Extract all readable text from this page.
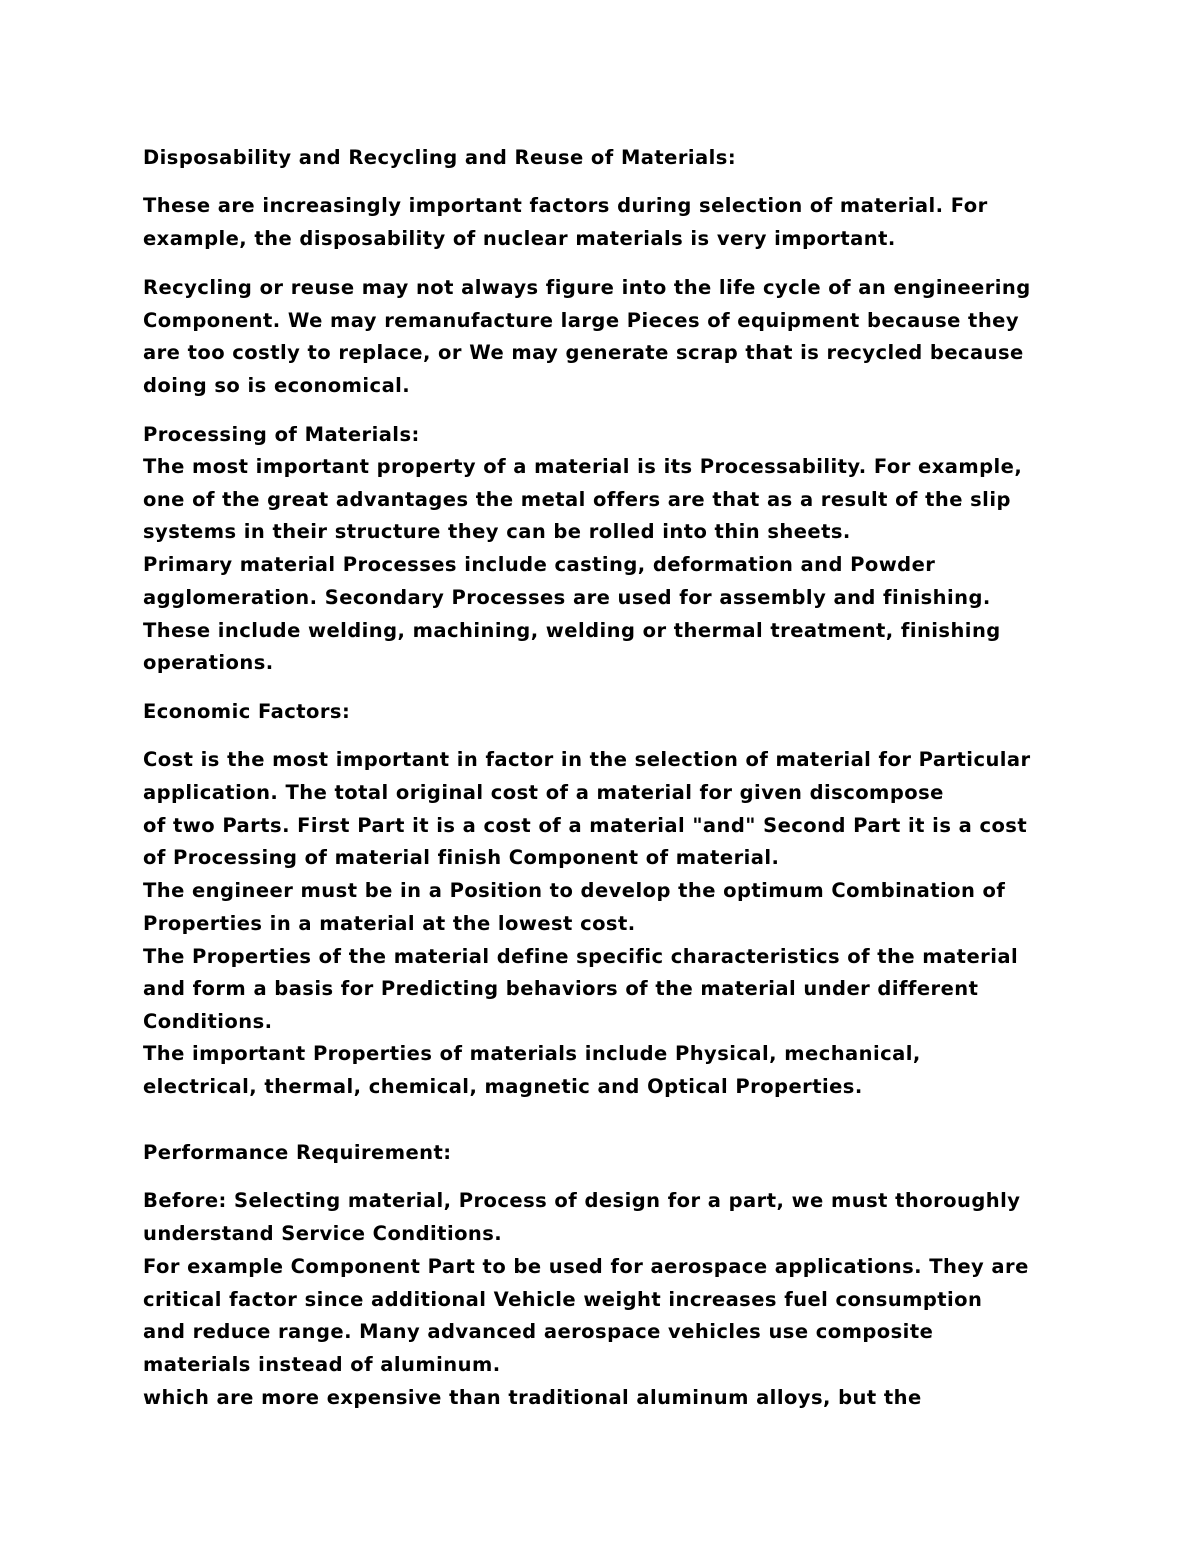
Disposability and Recycling and Reuse of Materials:

These are increasingly important factors during selection of material. For

example, the disposability of nuclear materials is very important.

Recycling or reuse may not always figure into the life cycle of an engineering

Component. We may remanufacture large Pieces of equipment because they

are too costly to replace, or We may generate scrap that is recycled because

doing so is economical.

Processing of Materials:

The most important property of a material is its Processability. For example,

one of the great advantages the metal offers are that as a result of the slip

systems in their structure they can be rolled into thin sheets.

Primary material Processes include casting, deformation and Powder

agglomeration. Secondary Processes are used for assembly and finishing.

These include welding, machining, welding or thermal treatment, finishing

operations.

Economic Factors:

Cost is the most important in factor in the selection of material for Particular

application. The total original cost of a material for given discompose

of two Parts. First Part it is a cost of a material "and" Second Part it is a cost

of Processing of material finish Component of material.

The engineer must be in a Position to develop the optimum Combination of

Properties in a material at the lowest cost.

The Properties of the material define specific characteristics of the material

and form a basis for Predicting behaviors of the material under different

Conditions.

The important Properties of materials include Physical, mechanical,

electrical, thermal, chemical, magnetic and Optical Properties.

Performance Requirement:

Before: Selecting material, Process of design for a part, we must thoroughly

understand Service Conditions.

For example Component Part to be used for aerospace applications. They are

critical factor since additional Vehicle weight increases fuel consumption

and reduce range. Many advanced aerospace vehicles use composite

materials instead of aluminum.

which are more expensive than traditional aluminum alloys, but the
